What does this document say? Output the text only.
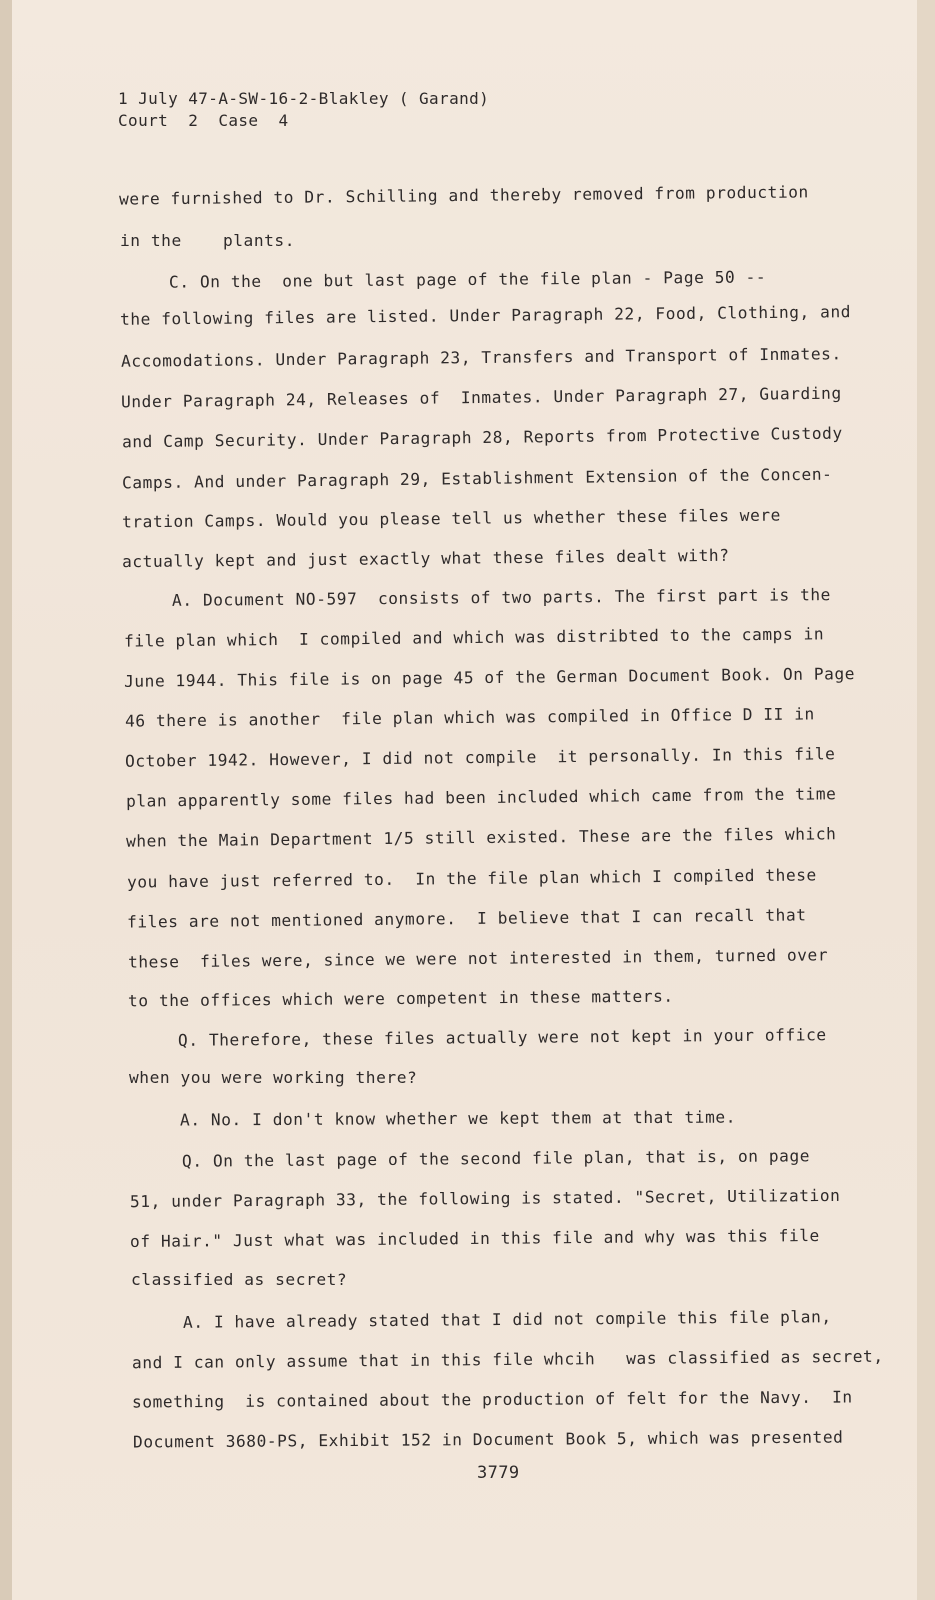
1 July 47-A-SW-16-2-Blakley ( Garand)
Court  2  Case  4
were furnished to Dr. Schilling and thereby removed from production
in the    plants.
C. On the  one but last page of the file plan - Page 50 --
the following files are listed. Under Paragraph 22, Food, Clothing, and
Accomodations. Under Paragraph 23, Transfers and Transport of Inmates.
Under Paragraph 24, Releases of  Inmates. Under Paragraph 27, Guarding
and Camp Security. Under Paragraph 28, Reports from Protective Custody
Camps. And under Paragraph 29, Establishment Extension of the Concen-
tration Camps. Would you please tell us whether these files were
actually kept and just exactly what these files dealt with?
A. Document NO-597  consists of two parts. The first part is the
file plan which  I compiled and which was distribted to the camps in
June 1944. This file is on page 45 of the German Document Book. On Page
46 there is another  file plan which was compiled in Office D II in
October 1942. However, I did not compile  it personally. In this file
plan apparently some files had been included which came from the time
when the Main Department 1/5 still existed. These are the files which
you have just referred to.  In the file plan which I compiled these
files are not mentioned anymore.  I believe that I can recall that
these  files were, since we were not interested in them, turned over
to the offices which were competent in these matters.
Q. Therefore, these files actually were not kept in your office
when you were working there?
A. No. I don't know whether we kept them at that time.
Q. On the last page of the second file plan, that is, on page
51, under Paragraph 33, the following is stated. "Secret, Utilization
of Hair." Just what was included in this file and why was this file
classified as secret?
A. I have already stated that I did not compile this file plan,
and I can only assume that in this file whcih   was classified as secret,
something  is contained about the production of felt for the Navy.  In
Document 3680-PS, Exhibit 152 in Document Book 5, which was presented
3779
